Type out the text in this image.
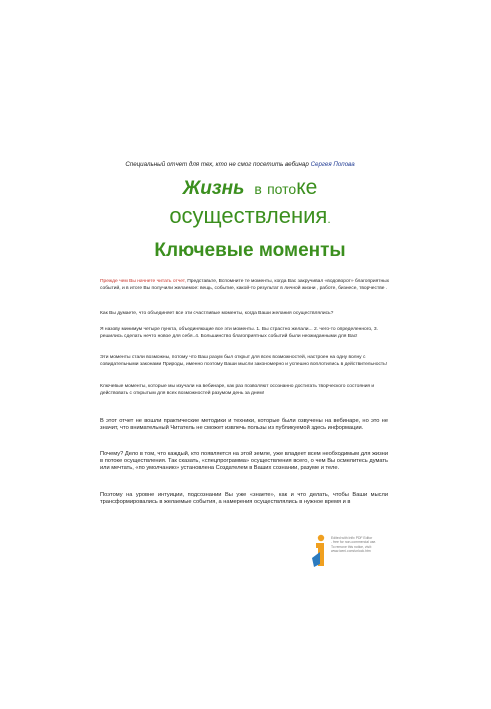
Специальный отчет для тех, кто не смог посетить вебинар Сергея Попова
Жизнь в потоке
осуществления.
Ключевые моменты
Прежде чем Вы начнете читать отчет, Представьте, Вспомните те моменты, когда Вас закручивал «водоворот» благоприятных событий, и в итоге Вы получили желаемое: вещь, событие, какой-то результат в личной жизни , работе, бизнесе, творчестве .
Как Вы думаете, что объединяет все эти счастливые моменты, когда Ваши желания осуществлялись?
Я назову минимум четыре пункта, объединяющие все эти моменты. 1. Вы страстно желали... 2. чего-то определенного, 3. решились сделать нечто новое для себя..4. Большинство благоприятных событий были неожиданными для Вас!
Эти моменты стали возможны, потому что Ваш разум был открыт для всех возможностей, настроен на одну волну с совидательными законами Природы, именно поэтому Ваши мысли закономерно и успешно воплотились в действительность!
Ключевые моменты, которые мы изучали на вебинаре, как раз позволяют осознанно достигать творческого состояния и действовать с открытым для всех возможностей разумом день за днем!
В этот отчет не вошли практические методики и техники, которые были озвучены на вебинаре, но это не значит, что внимательный Читатель не сможет извлечь пользы из публикуемой здесь информации.
Почему? Дело в том, что каждый, кто появляется на этой земле, уже владеет всем необходимым для жизни в потоке осуществления. Так сказать, «спецпрограмма» осуществления всего, о чем Вы осмелитесь думать или мечтать, «по умолчанию» установлена Создателем в Ваших сознании, разуме и теле.
Поэтому на уровне интуиции, подсознании Вы уже «знаете», как и что делать, чтобы Ваши мысли трансформировались в желаемые события, а намерения осуществлялись в нужное время и в
Edited with Infix PDF Editor
- free for non-commercial use.
To remove this notice, visit:
www.iceni.com/unlock.htm
